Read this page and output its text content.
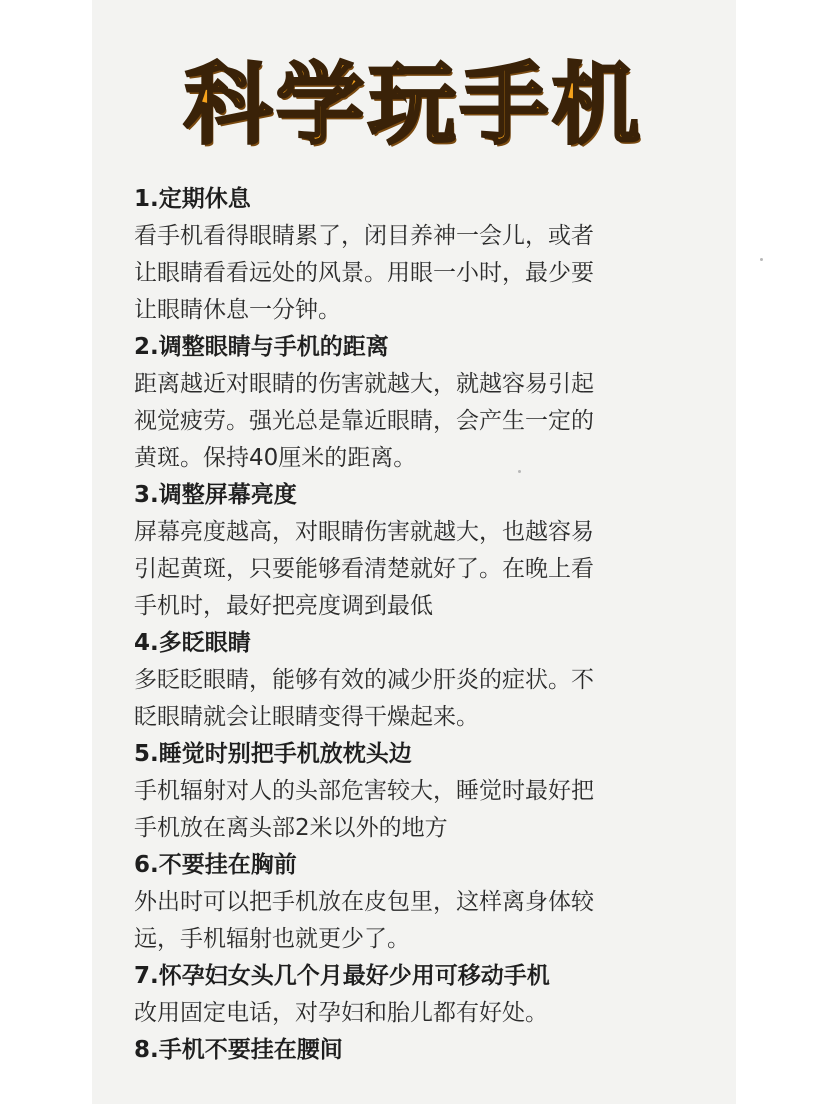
科学玩手机
1.定期休息
看手机看得眼睛累了，闭目养神一会儿，或者
让眼睛看看远处的风景。用眼一小时，最少要
让眼睛休息一分钟。
2.调整眼睛与手机的距离
距离越近对眼睛的伤害就越大，就越容易引起
视觉疲劳。强光总是靠近眼睛，会产生一定的
黄斑。保持40厘米的距离。
3.调整屏幕亮度
屏幕亮度越高，对眼睛伤害就越大，也越容易
引起黄斑，只要能够看清楚就好了。在晚上看
手机时，最好把亮度调到最低
4.多眨眼睛
多眨眨眼睛，能够有效的减少肝炎的症状。不
眨眼睛就会让眼睛变得干燥起来。
5.睡觉时别把手机放枕头边
手机辐射对人的头部危害较大，睡觉时最好把
手机放在离头部2米以外的地方
6.不要挂在胸前
外出时可以把手机放在皮包里，这样离身体较
远，手机辐射也就更少了。
7.怀孕妇女头几个月最好少用可移动手机
改用固定电话，对孕妇和胎儿都有好处。
8.手机不要挂在腰间
